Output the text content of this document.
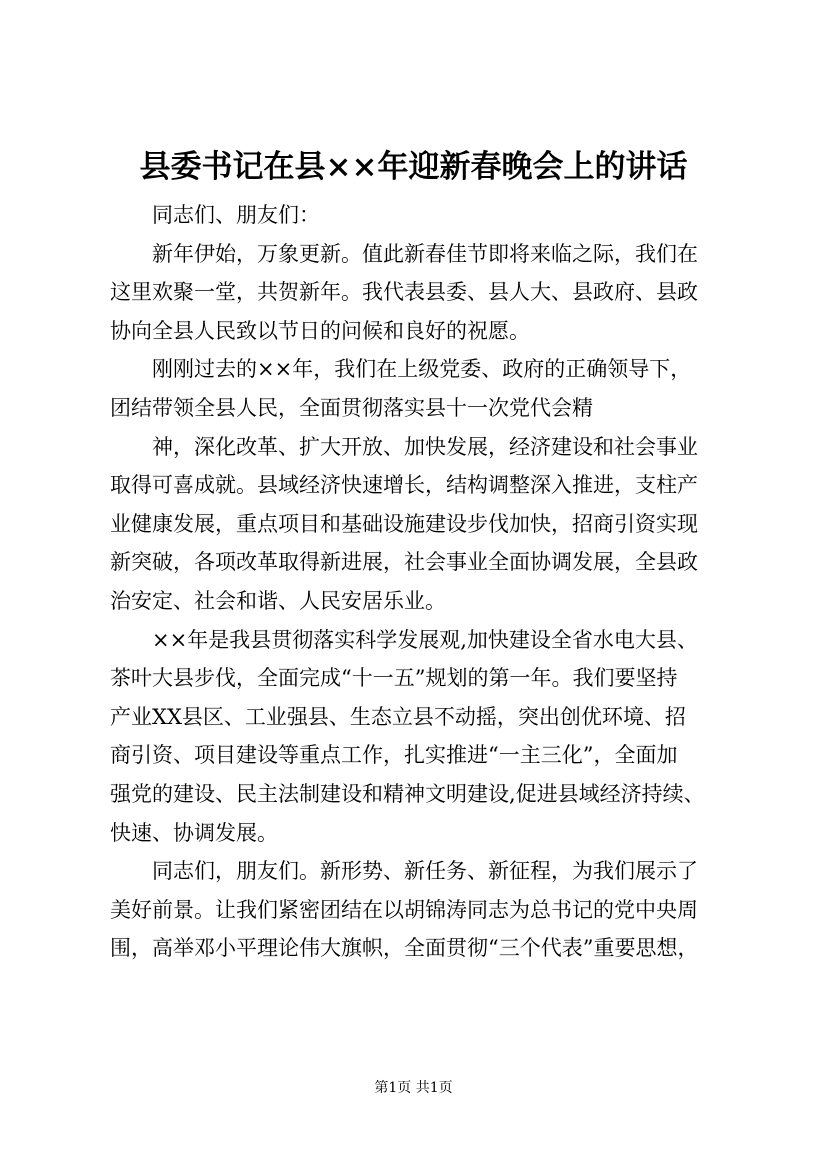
县委书记在县××年迎新春晚会上的讲话
同志们、朋友们：
新年伊始，万象更新。值此新春佳节即将来临之际，我们在
这里欢聚一堂，共贺新年。我代表县委、县人大、县政府、县政
协向全县人民致以节日的问候和良好的祝愿。
刚刚过去的××年，我们在上级党委、政府的正确领导下，
团结带领全县人民，全面贯彻落实县十一次党代会精
神，深化改革、扩大开放、加快发展，经济建设和社会事业
取得可喜成就。县域经济快速增长，结构调整深入推进，支柱产
业健康发展，重点项目和基础设施建设步伐加快，招商引资实现
新突破，各项改革取得新进展，社会事业全面协调发展，全县政
治安定、社会和谐、人民安居乐业。
××年是我县贯彻落实科学发展观,加快建设全省水电大县、
茶叶大县步伐，全面完成“十一五”规划的第一年。我们要坚持
产业XX县区、工业强县、生态立县不动摇，突出创优环境、招
商引资、项目建设等重点工作，扎实推进“一主三化”，全面加
强党的建设、民主法制建设和精神文明建设,促进县域经济持续、
快速、协调发展。
同志们，朋友们。新形势、新任务、新征程，为我们展示了
美好前景。让我们紧密团结在以胡锦涛同志为总书记的党中央周
围，高举邓小平理论伟大旗帜，全面贯彻“三个代表”重要思想，
第1页 共1页
